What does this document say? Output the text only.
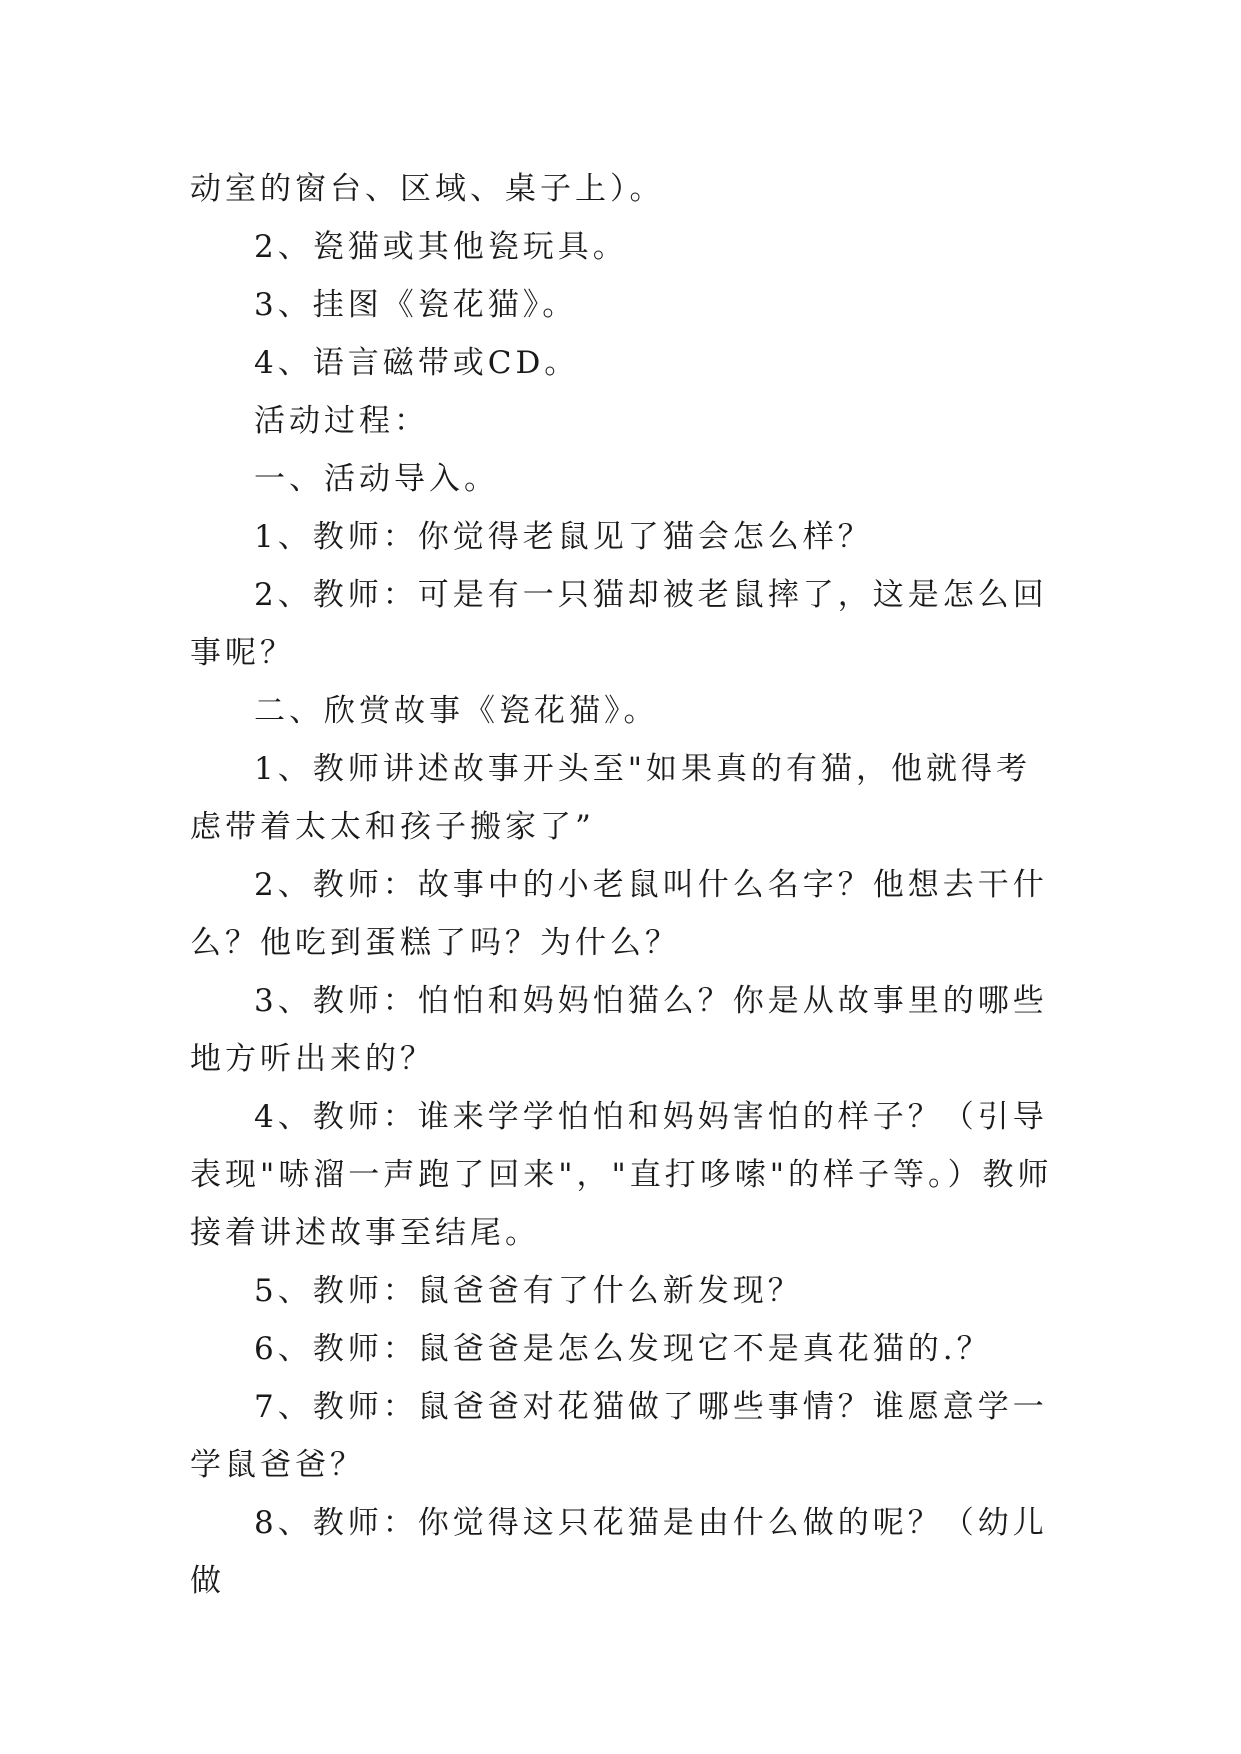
动室的窗台、区域、桌子上）。

2、瓷猫或其他瓷玩具。

3、挂图《瓷花猫》。

4、语言磁带或CD。

活动过程：

一、活动导入。

1、教师：你觉得老鼠见了猫会怎么样？

2、教师：可是有一只猫却被老鼠摔了，这是怎么回事呢？

二、欣赏故事《瓷花猫》。

1、教师讲述故事开头至"如果真的有猫，他就得考虑带着太太和孩子搬家了”

2、教师：故事中的小老鼠叫什么名字？他想去干什么？他吃到蛋糕了吗？为什么？

3、教师：怕怕和妈妈怕猫么？你是从故事里的哪些地方听出来的？

4、教师：谁来学学怕怕和妈妈害怕的样子？（引导表现"哧溜一声跑了回来"，"直打哆嗦"的样子等。）教师接着讲述故事至结尾。

5、教师：鼠爸爸有了什么新发现？

6、教师：鼠爸爸是怎么发现它不是真花猫的.？

7、教师：鼠爸爸对花猫做了哪些事情？谁愿意学一学鼠爸爸？

8、教师：你觉得这只花猫是由什么做的呢？（幼儿做
